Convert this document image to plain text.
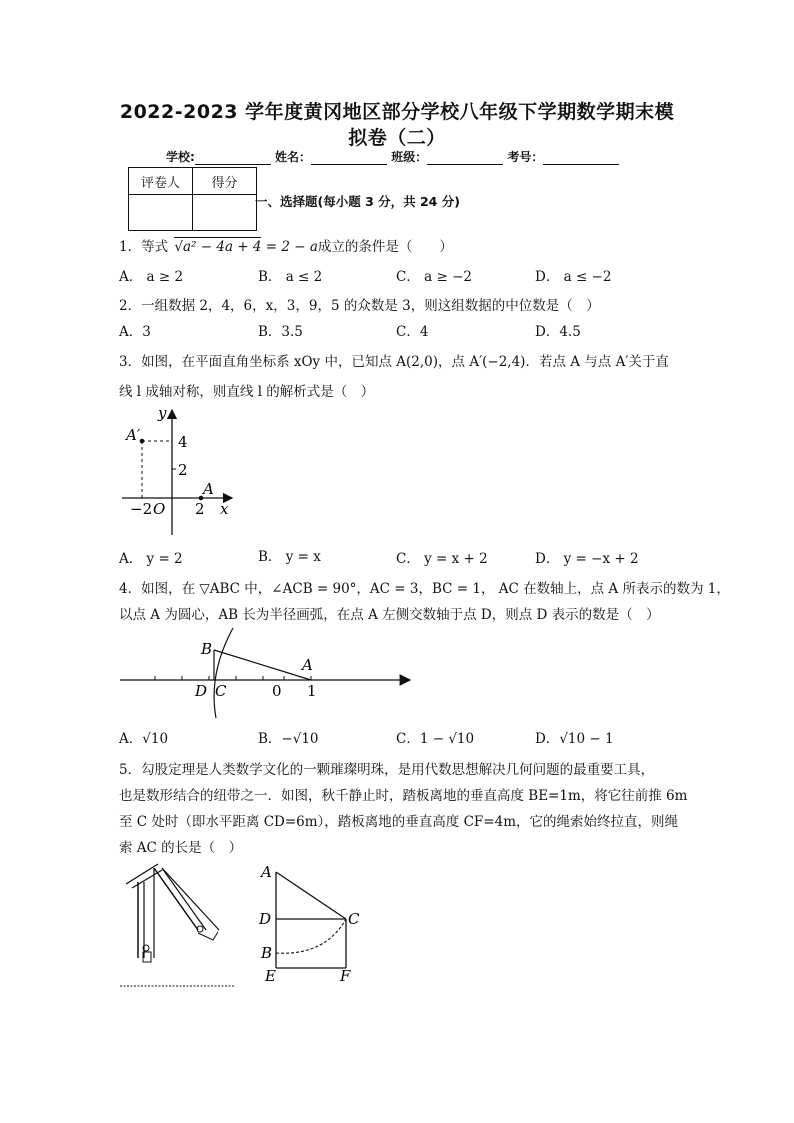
2022-2023 学年度黄冈地区部分学校八年级下学期数学期末模
拟卷（二）
学校:	姓名：	班级：	考号：
评卷人	得分

一、选择题(每小题 3 分，共 24 分)
1．等式 √a² − 4a + 4 = 2 − a成立的条件是（　　）
A． a ≥ 2	B． a ≤ 2	C． a ≥ −2	D． a ≤ −2
2．一组数据 2，4，6，x，3，9，5 的众数是 3，则这组数据的中位数是（　）
A．3	B．3.5	C．4	D．4.5
3．如图，在平面直角坐标系 xOy 中，已知点 A(2,0)，点 A′(−2,4)．若点 A 与点 A′关于直
线 l 成轴对称，则直线 l 的解析式是（　）
y
x
O
4
2
−2	2
A′
A
A． y = 2	B． y = x	C． y = x + 2	D． y = −x + 2
4．如图，在 ▽ABC 中，∠ACB = 90°，AC = 3，BC = 1， AC 在数轴上，点 A 所表示的数为 1，
以点 A 为圆心，AB 长为半径画弧，在点 A 左侧交数轴于点 D，则点 D 表示的数是（　）
B
A
D C	0 1
A．√10	B．−√10	C．1 − √10	D．√10 − 1
5．勾股定理是人类数学文化的一颗璀璨明珠，是用代数思想解决几何问题的最重要工具，
也是数形结合的纽带之一．如图，秋千静止时，踏板离地的垂直高度 BE=1m，将它往前推 6m
至 C 处时（即水平距离 CD=6m），踏板离地的垂直高度 CF=4m，它的绳索始终拉直，则绳
索 AC 的长是（　）
A
D	C
B
E	F
